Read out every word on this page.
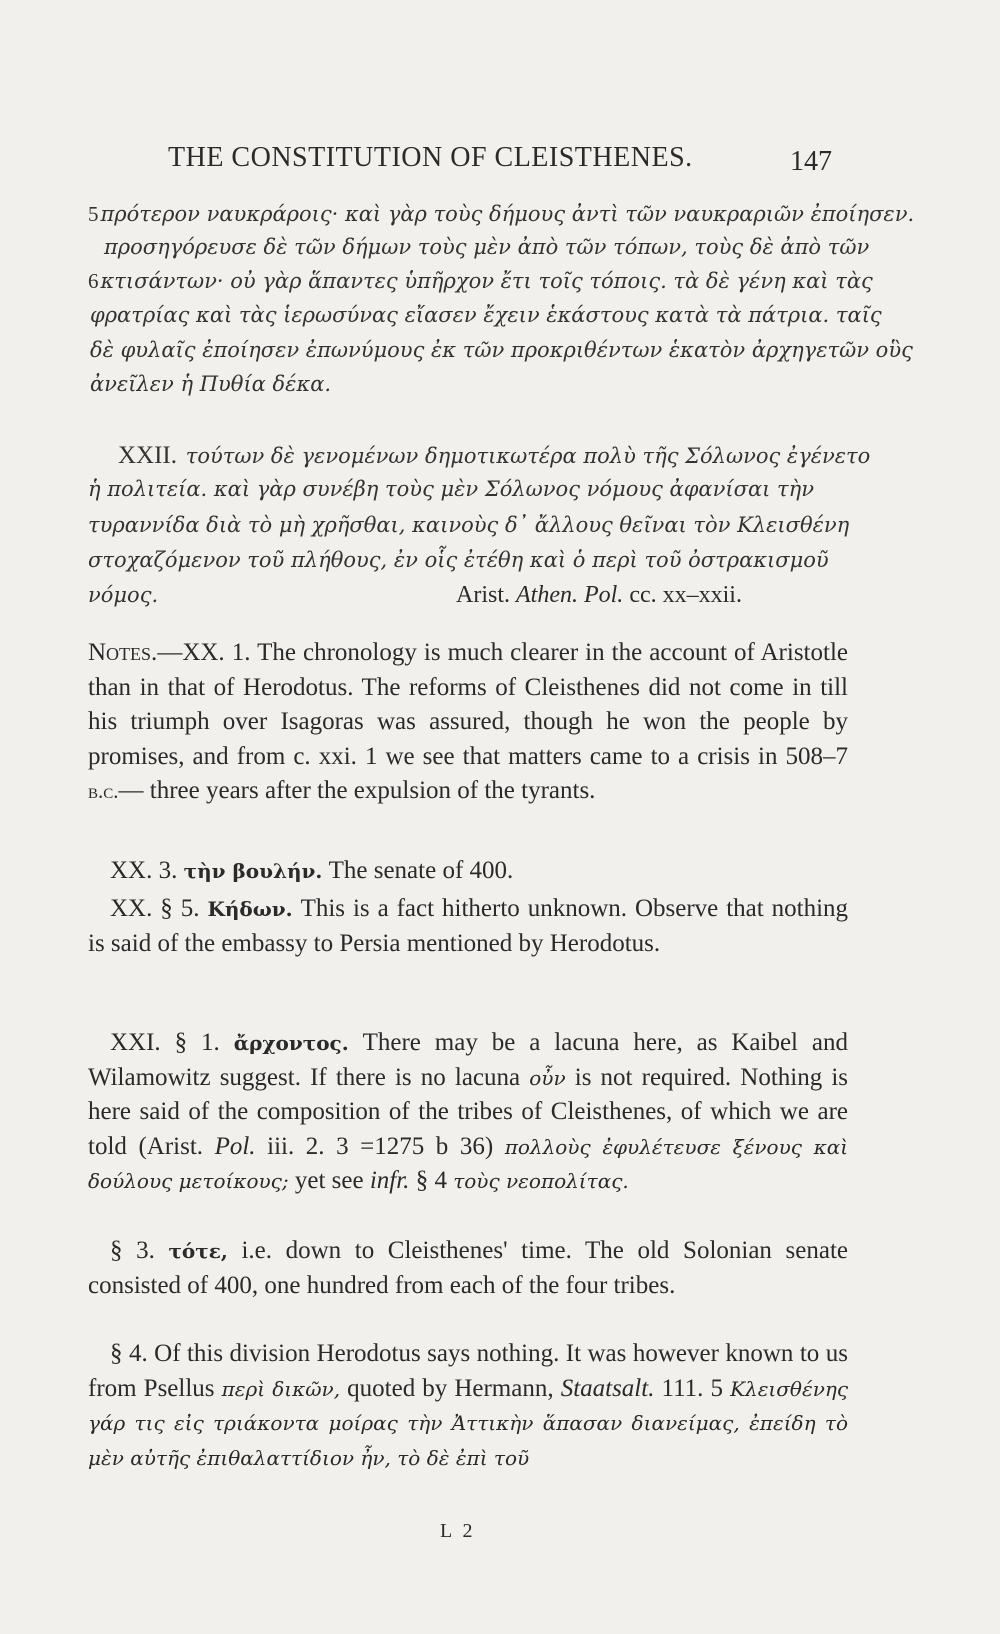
THE CONSTITUTION OF CLEISTHENES.	147
5πρότερον ναυκράροις· καὶ γὰρ τοὺς δήμους ἀντὶ τῶν ναυκραριῶν ἐποίησεν.
προσηγόρευσε δὲ τῶν δήμων τοὺς μὲν ἀπὸ τῶν τόπων, τοὺς δὲ ἀπὸ τῶν
6κτισάντων· οὐ γὰρ ἅπαντες ὑπῆρχον ἔτι τοῖς τόποις. τὰ δὲ γένη καὶ τὰς
φρατρίας καὶ τὰς ἱερωσύνας εἴασεν ἔχειν ἑκάστους κατὰ τὰ πάτρια. ταῖς
δὲ φυλαῖς ἐποίησεν ἐπωνύμους ἐκ τῶν προκριθέντων ἑκατὸν ἀρχηγετῶν οὓς
ἀνεῖλεν ἡ Πυθία δέκα.
XXII. τούτων δὲ γενομένων δημοτικωτέρα πολὺ τῆς Σόλωνος ἐγένετο
ἡ πολιτεία. καὶ γὰρ συνέβη τοὺς μὲν Σόλωνος νόμους ἀφανίσαι τὴν
τυραννίδα διὰ τὸ μὴ χρῆσθαι, καινοὺς δ᾿ ἄλλους θεῖναι τὸν Κλεισθένη
στοχαζόμενον τοῦ πλήθους, ἐν οἷς ἐτέθη καὶ ὁ περὶ τοῦ ὀστρακισμοῦ
νόμος.	Arist. Athen. Pol. cc. xx–xxii.
Notes.—XX. 1. The chronology is much clearer in the account of Aristotle than in that of Herodotus. The reforms of Cleisthenes did not come in till his triumph over Isagoras was assured, though he won the people by promises, and from c. xxi. 1 we see that matters came to a crisis in 508–7 b.c.— three years after the expulsion of the tyrants.
XX. 3. τὴν βουλήν. The senate of 400.
XX. § 5. Κήδων. This is a fact hitherto unknown. Observe that nothing is said of the embassy to Persia mentioned by Herodotus.
XXI. § 1. ἄρχοντος. There may be a lacuna here, as Kaibel and Wilamowitz suggest. If there is no lacuna οὖν is not required. Nothing is here said of the composition of the tribes of Cleisthenes, of which we are told (Arist. Pol. iii. 2. 3 =1275 b 36) πολλοὺς ἐφυλέτευσε ξένους καὶ δούλους μετοίκους; yet see infr. § 4 τοὺς νεοπολίτας.
§ 3. τότε, i.e. down to Cleisthenes' time. The old Solonian senate consisted of 400, one hundred from each of the four tribes.
§ 4. Of this division Herodotus says nothing. It was however known to us from Psellus περὶ δικῶν, quoted by Hermann, Staatsalt. 111. 5 Κλεισθένης γάρ τις εἰς τριάκοντα μοίρας τὴν Ἀττικὴν ἅπασαν διανείμας, ἐπείδη τὸ μὲν αὐτῆς ἐπιθαλαττίδιον ἦν, τὸ δὲ ἐπὶ τοῦ
L 2
